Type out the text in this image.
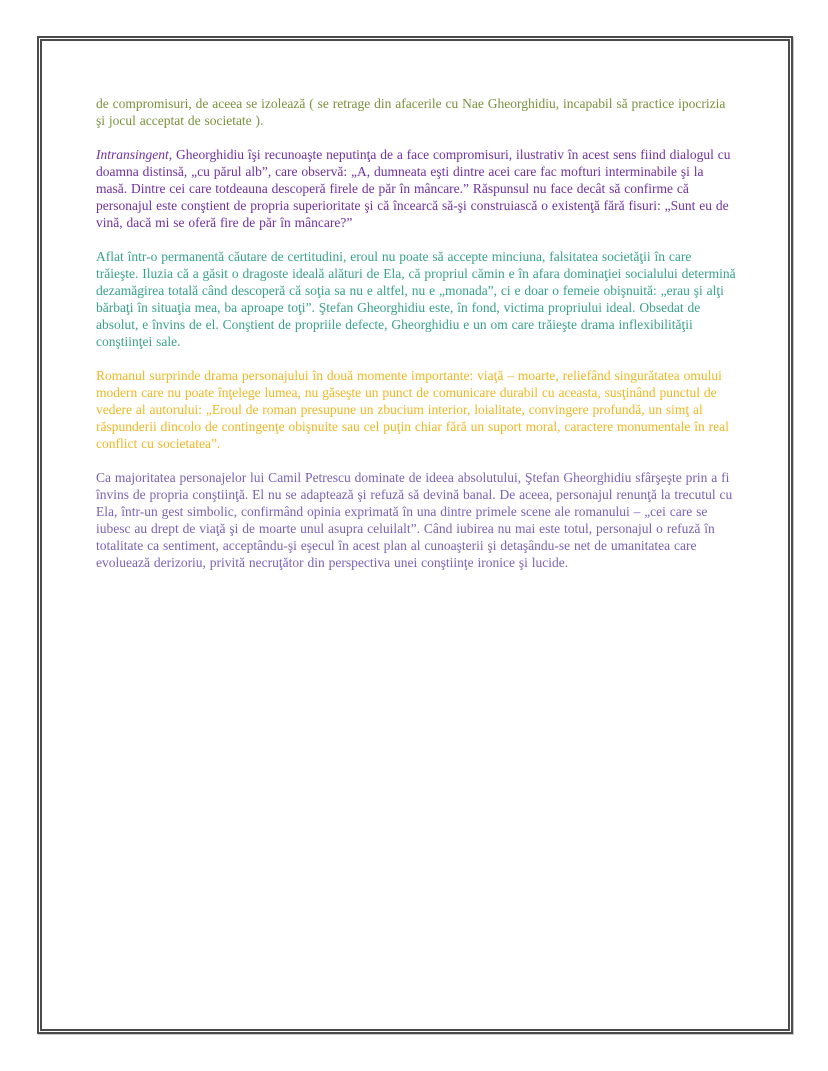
de compromisuri, de aceea se izolează ( se retrage din afacerile cu Nae Gheorghidiu, incapabil să practice ipocrizia şi jocul acceptat de societate ).

Intransingent, Gheorghidiu îşi recunoaşte neputinţa de a face compromisuri, ilustrativ în acest sens fiind dialogul cu doamna distinsă, „cu părul alb”, care observă: „A, dumneata eşti dintre acei care fac mofturi interminabile şi la masă. Dintre cei care totdeauna descoperă firele de păr în mâncare.” Răspunsul nu face decât să confirme că personajul este conştient de propria superioritate şi că încearcă să-şi construiască o existenţă fără fisuri: „Sunt eu de vină, dacă mi se oferă fire de păr în mâncare?”

Aflat într-o permanentă căutare de certitudini, eroul nu poate să accepte minciuna, falsitatea societăţii în care trăieşte. Iluzia că a găsit o dragoste ideală alături de Ela, că propriul cămin e în afara dominaţiei socialului determină dezamăgirea totală când descoperă că soţia sa nu e altfel, nu e „monada”, ci e doar o femeie obişnuită: „erau şi alţi bărbaţi în situaţia mea, ba aproape toţi”. Ştefan Gheorghidiu este, în fond, victima propriului ideal. Obsedat de absolut, e învins de el. Conştient de propriile defecte, Gheorghidiu e un om care trăieşte drama inflexibilităţii conştiinţei sale.

Romanul surprinde drama personajului în două momente importante: viaţă – moarte, reliefând singurătatea omului modern care nu poate înţelege lumea, nu găseşte un punct de comunicare durabil cu aceasta, susţinând punctul de vedere al autorului: „Eroul de roman presupune un zbucium interior, loialitate, convingere profundă, un simţ al răspunderii dincolo de contingenţe obişnuite sau cel puţin chiar fără un suport moral, caractere monumentale în real conflict cu societatea”.

Ca majoritatea personajelor lui Camil Petrescu dominate de ideea absolutului, Ştefan Gheorghidiu sfârşeşte prin a fi învins de propria conştiinţă. El nu se adaptează şi refuză să devină banal. De aceea, personajul renunţă la trecutul cu Ela, într-un gest simbolic, confirmând opinia exprimată în una dintre primele scene ale romanului – „cei care se iubesc au drept de viaţă şi de moarte unul asupra celuilalt”. Când iubirea nu mai este totul, personajul o refuză în totalitate ca sentiment, acceptându-şi eşecul în acest plan al cunoaşterii şi detaşându-se net de umanitatea care evoluează derizoriu, privită necruţător din perspectiva unei conştiinţe ironice şi lucide.
